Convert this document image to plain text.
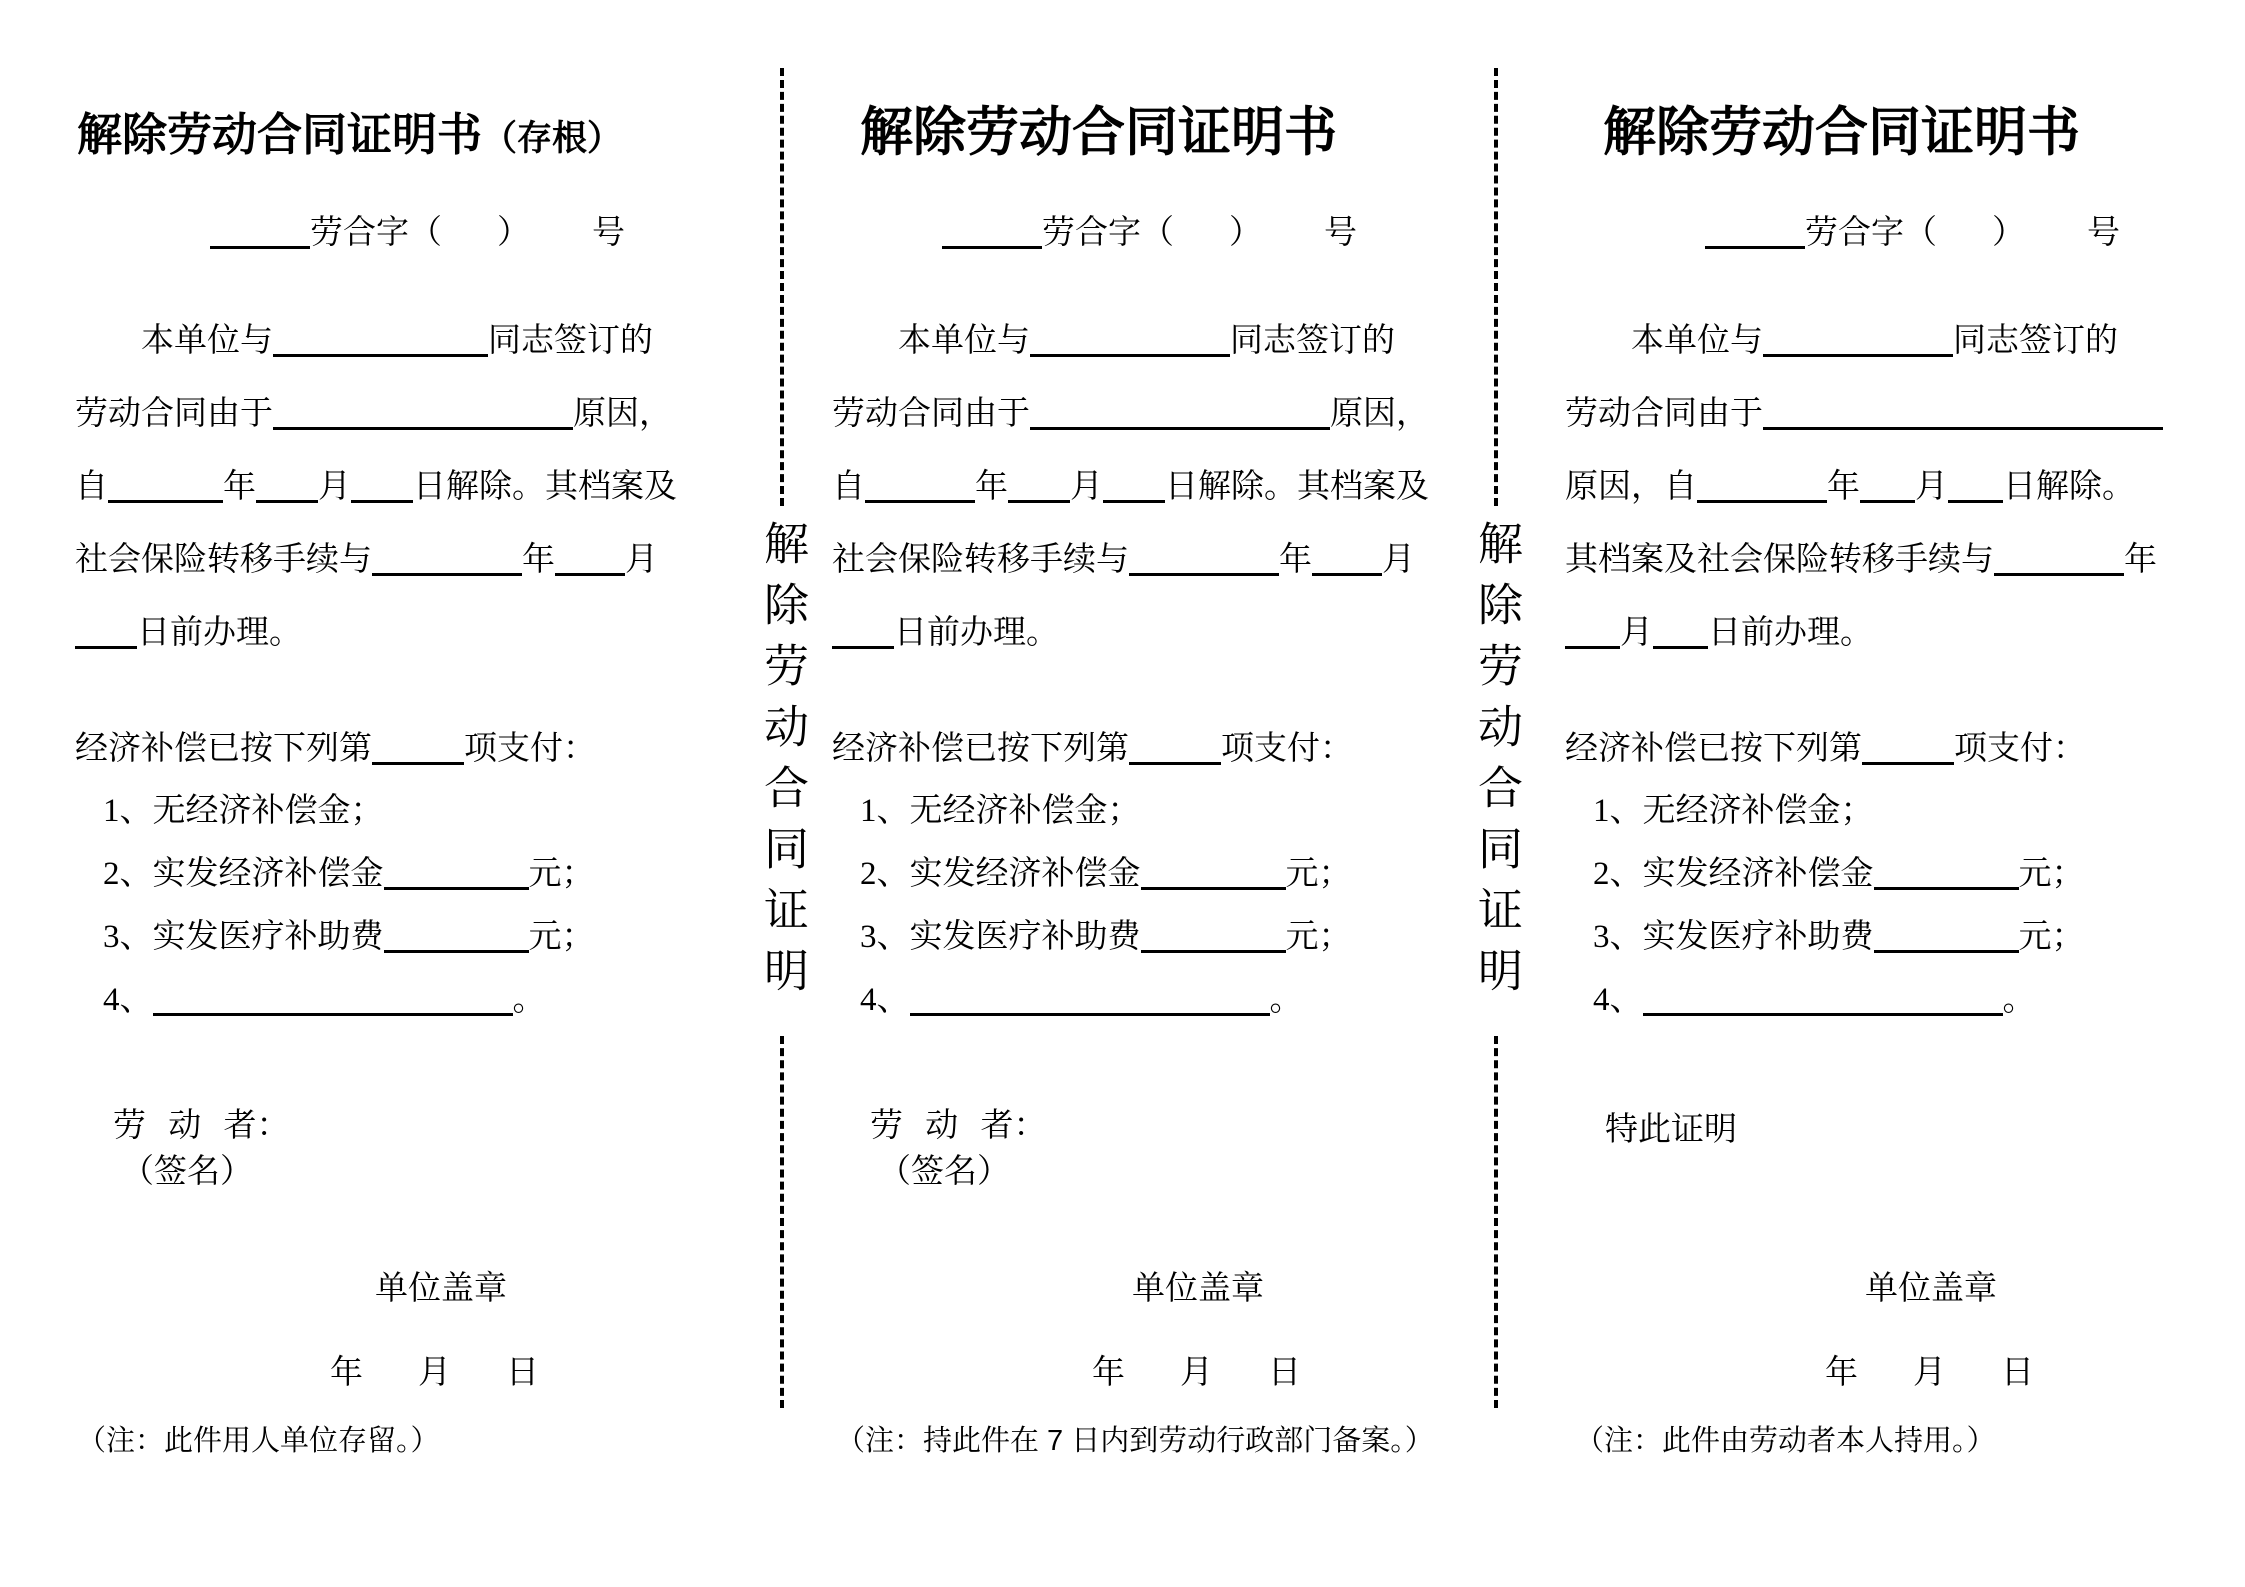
解除劳动合同证明书（存根）

劳合字（ ） 号

本单位与	同志签订的

劳动合同由于	原因，

自	年 月 日解除。其档案及

社会保险转移手续与	年 月

日前办理。

经济补偿已按下列第	项支付：

1、无经济补偿金；

2、实发经济补偿金	元；

3、实发医疗补助费	元；

4、	。

劳 动 者：

（签名）

单位盖章

年 月 日

（注：此件用人单位存留。）

解除劳动合同证明
解除劳动合同证明书

劳合字（ ） 号

本单位与	同志签订的

劳动合同由于	原因，

自	年 月 日解除。其档案及

社会保险转移手续与	年 月

日前办理。

经济补偿已按下列第	项支付：

1、无经济补偿金；

2、实发经济补偿金	元；

3、实发医疗补助费	元；

4、	。

劳 动 者：

（签名）

单位盖章

年 月 日

（注：持此件在 7 日内到劳动行政部门备案。）

解除劳动合同证明
解除劳动合同证明书

劳合字（ ） 号

本单位与	同志签订的

劳动合同由于

原因，自	年 月 日解除。

其档案及社会保险转移手续与	年

月 日前办理。

经济补偿已按下列第	项支付：

1、无经济补偿金；

2、实发经济补偿金	元；

3、实发医疗补助费	元；

4、	。

特此证明

单位盖章

年 月 日

（注：此件由劳动者本人持用。）
